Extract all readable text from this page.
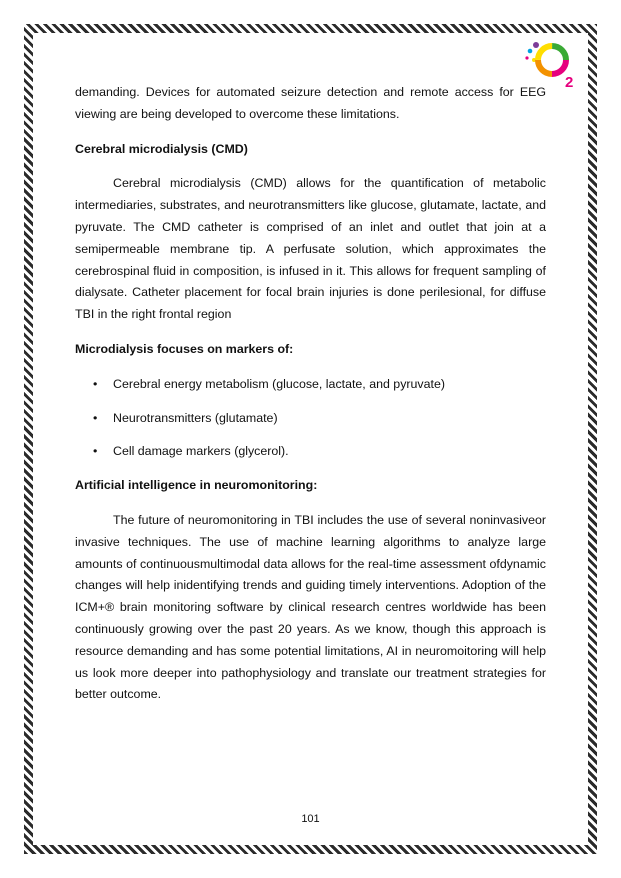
2

demanding. Devices for automated seizure detection and remote access for EEG viewing are being developed to overcome these limitations.

Cerebral microdialysis (CMD)

Cerebral microdialysis (CMD) allows for the quantification of metabolic intermediaries, substrates, and neurotransmitters like glucose, glutamate, lactate, and pyruvate. The CMD catheter is comprised of an inlet and outlet that join at a semipermeable membrane tip. A perfusate solution, which approximates the cerebrospinal fluid in composition, is infused in it. This allows for frequent sampling of dialysate. Catheter placement for focal brain injuries is done perilesional, for diffuse TBI in the right frontal region

Microdialysis focuses on markers of:

• Cerebral energy metabolism (glucose, lactate, and pyruvate)
• Neurotransmitters (glutamate)
• Cell damage markers (glycerol).

Artificial intelligence in neuromonitoring:

The future of neuromonitoring in TBI includes the use of several noninvasiveor invasive techniques. The use of machine learning algorithms to analyze large amounts of continuousmultimodal data allows for the real-time assessment ofdynamic changes will help inidentifying trends and guiding timely interventions. Adoption of the ICM+® brain monitoring software by clinical research centres worldwide has been continuously growing over the past 20 years. As we know, though this approach is resource demanding and has some potential limitations, AI in neuromoitoring will help us look more deeper into pathophysiology and translate our treatment strategies for better outcome.

101
